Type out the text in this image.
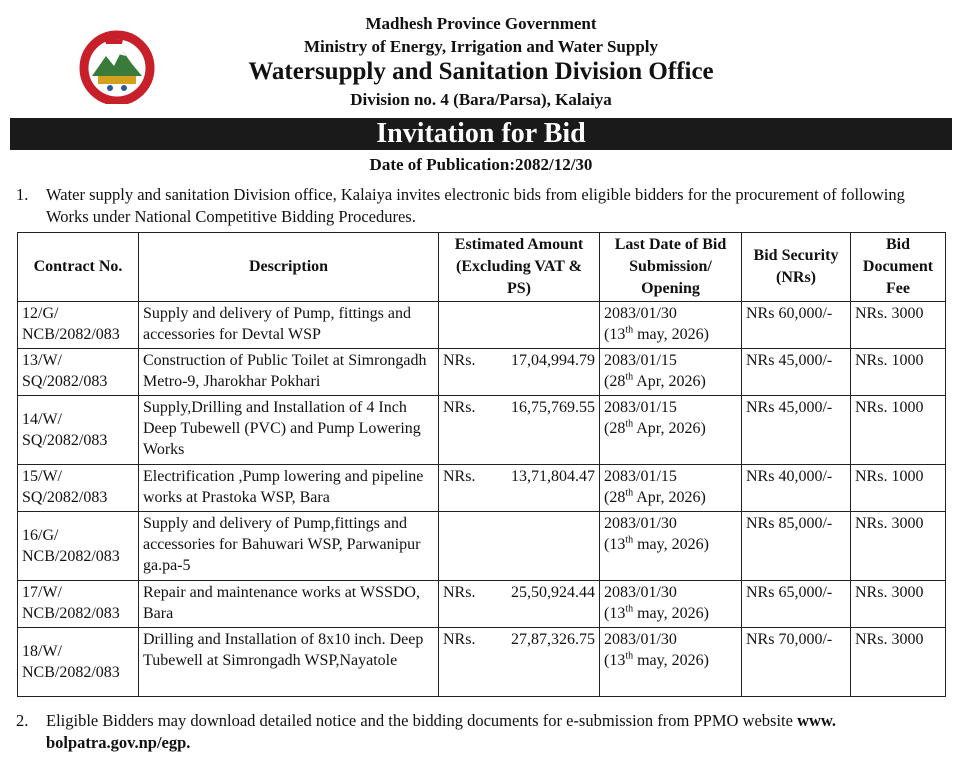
Madhesh Province Government
Ministry of Energy, Irrigation and Water Supply
Watersupply and Sanitation Division Office
Division no. 4 (Bara/Parsa), Kalaiya
Invitation for Bid
Date of Publication:2082/12/30
1. Water supply and sanitation Division office, Kalaiya invites electronic bids from eligible bidders for the procurement of following Works under National Competitive Bidding Procedures.
Contract No.	Description	Estimated Amount (Excluding VAT & PS)	Last Date of Bid Submission/ Opening	Bid Security (NRs)	Bid Document Fee

12/G/
NCB/2082/083	Supply and delivery of Pump, fittings and accessories for Devtal WSP		2083/01/30
(13th may, 2026)	NRs 60,000/-	NRs. 3000

13/W/
SQ/2082/083	Construction of Public Toilet at Simrongadh Metro-9, Jharokhar Pokhari	NRs. 17,04,994.79	2083/01/15
(28th Apr, 2026)	NRs 45,000/-	NRs. 1000

14/W/
SQ/2082/083	Supply,Drilling and Installation of 4 Inch Deep Tubewell (PVC) and Pump Lowering Works	NRs. 16,75,769.55	2083/01/15
(28th Apr, 2026)	NRs 45,000/-	NRs. 1000

15/W/
SQ/2082/083	Electrification ,Pump lowering and pipeline works at Prastoka WSP, Bara	NRs. 13,71,804.47	2083/01/15
(28th Apr, 2026)	NRs 40,000/-	NRs. 1000

16/G/
NCB/2082/083	Supply and delivery of Pump,fittings and accessories for Bahuwari WSP, Parwanipur ga.pa-5		2083/01/30
(13th may, 2026)	NRs 85,000/-	NRs. 3000

17/W/
NCB/2082/083	Repair and maintenance works at WSSDO, Bara	NRs. 25,50,924.44	2083/01/30
(13th may, 2026)	NRs 65,000/-	NRs. 3000

18/W/
NCB/2082/083	Drilling and Installation of 8x10 inch. Deep Tubewell at Simrongadh WSP,Nayatole	NRs. 27,87,326.75	2083/01/30
(13th may, 2026)	NRs 70,000/-	NRs. 3000
2. Eligible Bidders may download detailed notice and the bidding documents for e-submission from PPMO website www. bolpatra.gov.np/egp.
